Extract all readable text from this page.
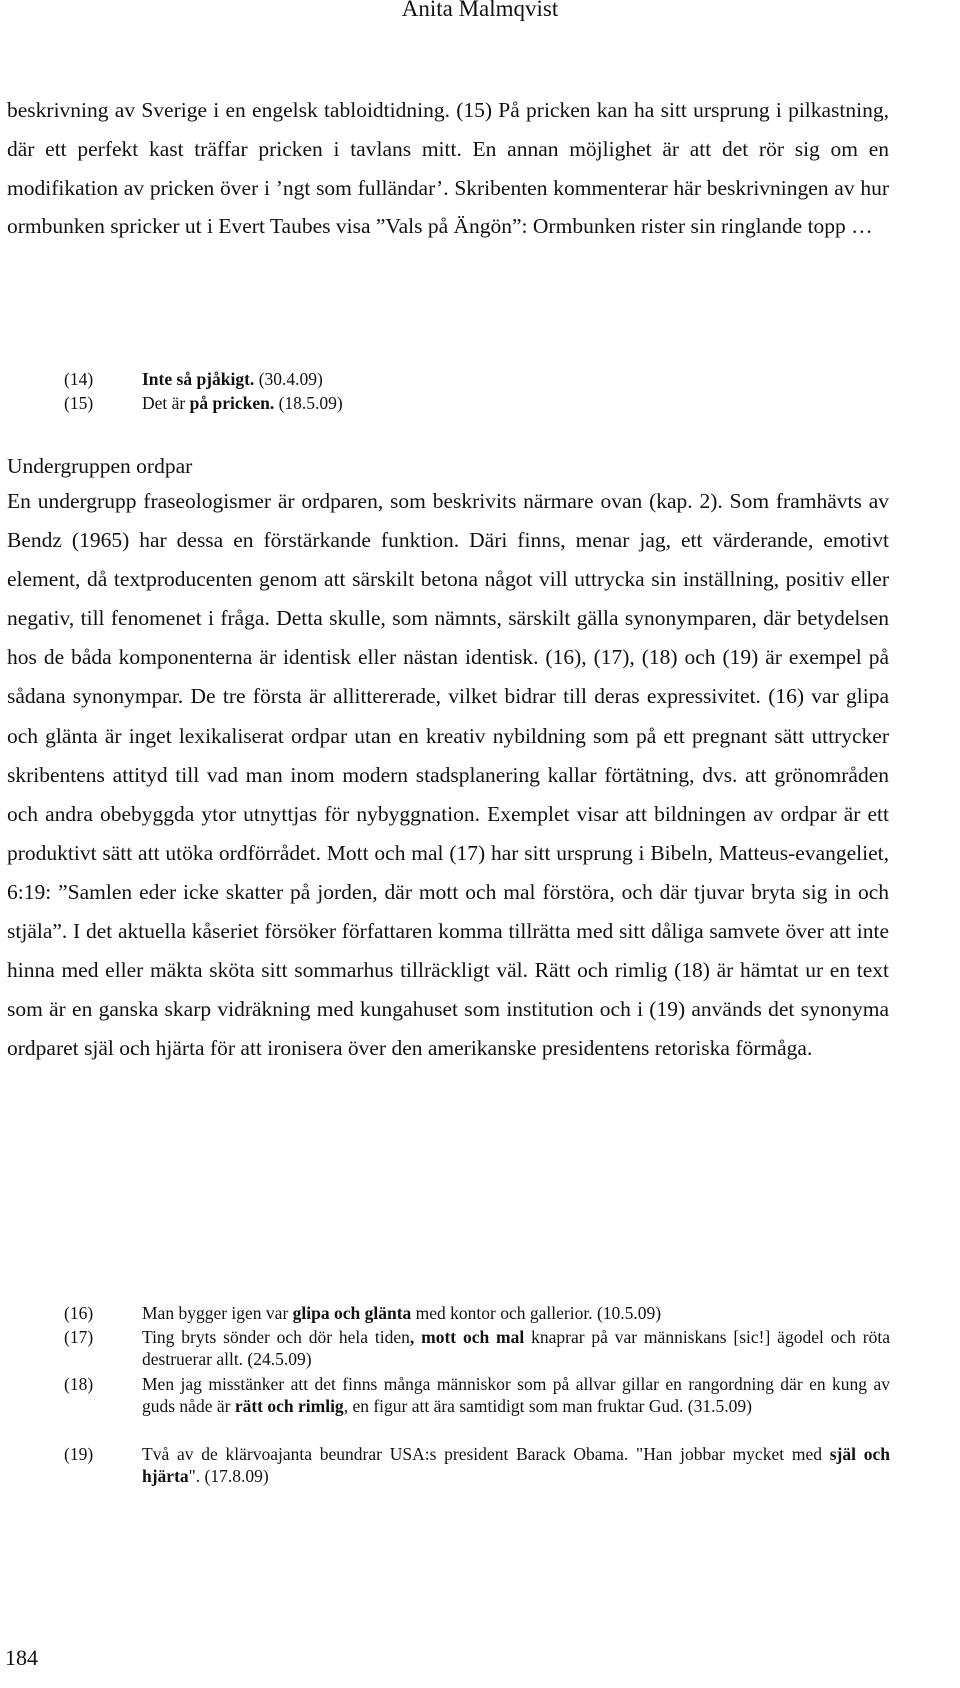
Anita Malmqvist
beskrivning av Sverige i en engelsk tabloidtidning. (15) På pricken kan ha sitt ursprung i pilkastning, där ett perfekt kast träffar pricken i tavlans mitt. En annan möjlighet är att det rör sig om en modifikation av pricken över i ’ngt som fulländar’. Skribenten kommenterar här beskrivningen av hur ormbunken spricker ut i Evert Taubes visa ”Vals på Ängön”: Ormbunken rister sin ringlande topp …
(14)	Inte så pjåkigt. (30.4.09)
(15)	Det är på pricken. (18.5.09)
Undergruppen ordpar
En undergrupp fraseologismer är ordparen, som beskrivits närmare ovan (kap. 2). Som framhävts av Bendz (1965) har dessa en förstärkande funktion. Däri finns, menar jag, ett värderande, emotivt element, då textproducenten genom att särskilt betona något vill uttrycka sin inställning, positiv eller negativ, till fenomenet i fråga. Detta skulle, som nämnts, särskilt gälla synonymparen, där betydelsen hos de båda komponenterna är identisk eller nästan identisk. (16), (17), (18) och (19) är exempel på sådana synonympar. De tre första är allittererade, vilket bidrar till deras expressivitet. (16) var glipa och glänta är inget lexikaliserat ordpar utan en kreativ nybildning som på ett pregnant sätt uttrycker skribentens attityd till vad man inom modern stadsplanering kallar förtätning, dvs. att grönområden och andra obebyggda ytor utnyttjas för nybyggnation. Exemplet visar att bildningen av ordpar är ett produktivt sätt att utöka ordförrådet. Mott och mal (17) har sitt ursprung i Bibeln, Matteus-evangeliet, 6:19: ”Samlen eder icke skatter på jorden, där mott och mal förstöra, och där tjuvar bryta sig in och stjäla”. I det aktuella kåseriet försöker författaren komma tillrätta med sitt dåliga samvete över att inte hinna med eller mäkta sköta sitt sommarhus tillräckligt väl. Rätt och rimlig (18) är hämtat ur en text som är en ganska skarp vidräkning med kungahuset som institution och i (19) används det synonyma ordparet själ och hjärta för att ironisera över den amerikanske presidentens retoriska förmåga.
(16)	Man bygger igen var glipa och glänta med kontor och gallerior. (10.5.09)
(17)	Ting bryts sönder och dör hela tiden, mott och mal knaprar på var människans [sic!] ägodel och röta destruerar allt. (24.5.09)
(18)	Men jag misstänker att det finns många människor som på allvar gillar en rangordning där en kung av guds nåde är rätt och rimlig, en figur att ära samtidigt som man fruktar Gud. (31.5.09)
(19)	Två av de klärvoajanta beundrar USA:s president Barack Obama. "Han jobbar mycket med själ och hjärta". (17.8.09)
184
